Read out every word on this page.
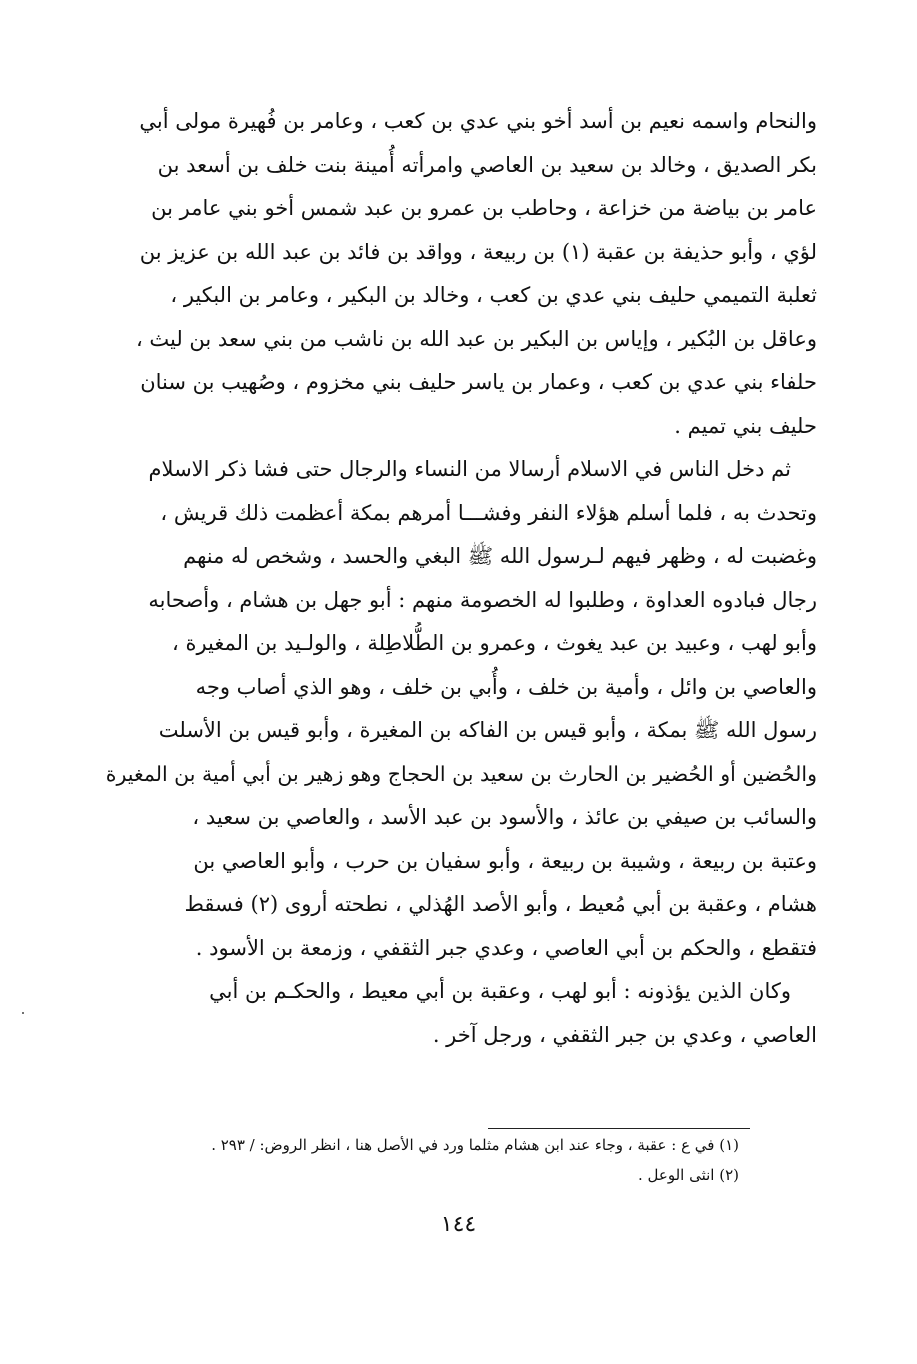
والنحام واسمه نعيم بن أسد أخو بني عدي بن كعب ، وعامر بن فُهيرة مولى أبي
بكر الصديق ، وخالد بن سعيد بن العاصي وامرأته أُمينة بنت خلف بن أسعد بن
عامر بن بياضة من خزاعة ، وحاطب بن عمرو بن عبد شمس أخو بني عامر بن
لؤي ، وأبو حذيفة بن عقبة (١) بن ربيعة ، وواقد بن فائد بن عبد الله بن عزيز بن
ثعلبة التميمي حليف بني عدي بن كعب ، وخالد بن البكير ، وعامر بن البكير ،
وعاقل بن البُكير ، وإياس بن البكير بن عبد الله بن ناشب من بني سعد بن ليث ،
حلفاء بني عدي بن كعب ، وعمار بن ياسر حليف بني مخزوم ، وصُهيب بن سنان
حليف بني تميم .
ثم دخل الناس في الاسلام أرسالا من النساء والرجال حتى فشا ذكر الاسلام
وتحدث به ، فلما أسلم هؤلاء النفر وفشـــا أمرهم بمكة أعظمت ذلك قريش ،
وغضبت له ، وظهر فيهم لـرسول الله ﷺ البغي والحسد ، وشخص له منهم
رجال فبادوه العداوة ، وطلبوا له الخصومة منهم : أبو جهل بن هشام ، وأصحابه
وأبو لهب ، وعبيد بن عبد يغوث ، وعمرو بن الطُّلاطِلة ، والولـيد بن المغيرة ،
والعاصي بن وائل ، وأمية بن خلف ، وأُبي بن خلف ، وهو الذي أصاب وجه
رسول الله ﷺ بمكة ، وأبو قيس بن الفاكه بن المغيرة ، وأبو قيس بن الأسلت
والحُضين أو الحُضير بن الحارث بن سعيد بن الحجاج وهو زهير بن أبي أمية بن المغيرة
والسائب بن صيفي بن عائذ ، والأسود بن عبد الأسد ، والعاصي بن سعيد ،
وعتبة بن ربيعة ، وشيبة بن ربيعة ، وأبو سفيان بن حرب ، وأبو العاصي بن
هشام ، وعقبة بن أبي مُعيط ، وأبو الأصد الهُذلي ، نطحته أروى (٢) فسقط
فتقطع ، والحكم بن أبي العاصي ، وعدي جبر الثقفي ، وزمعة بن الأسود .
وكان الذين يؤذونه : أبو لهب ، وعقبة بن أبي معيط ، والحكـم بن أبي
العاصي ، وعدي بن جبر الثقفي ، ورجل آخر .
(١) في ع : عقبة ، وجاء عند ابن هشام مثلما ورد في الأصل هنا ، انظر الروض: / ٢٩٣ .
(٢) انثى الوعل .
١٤٤
